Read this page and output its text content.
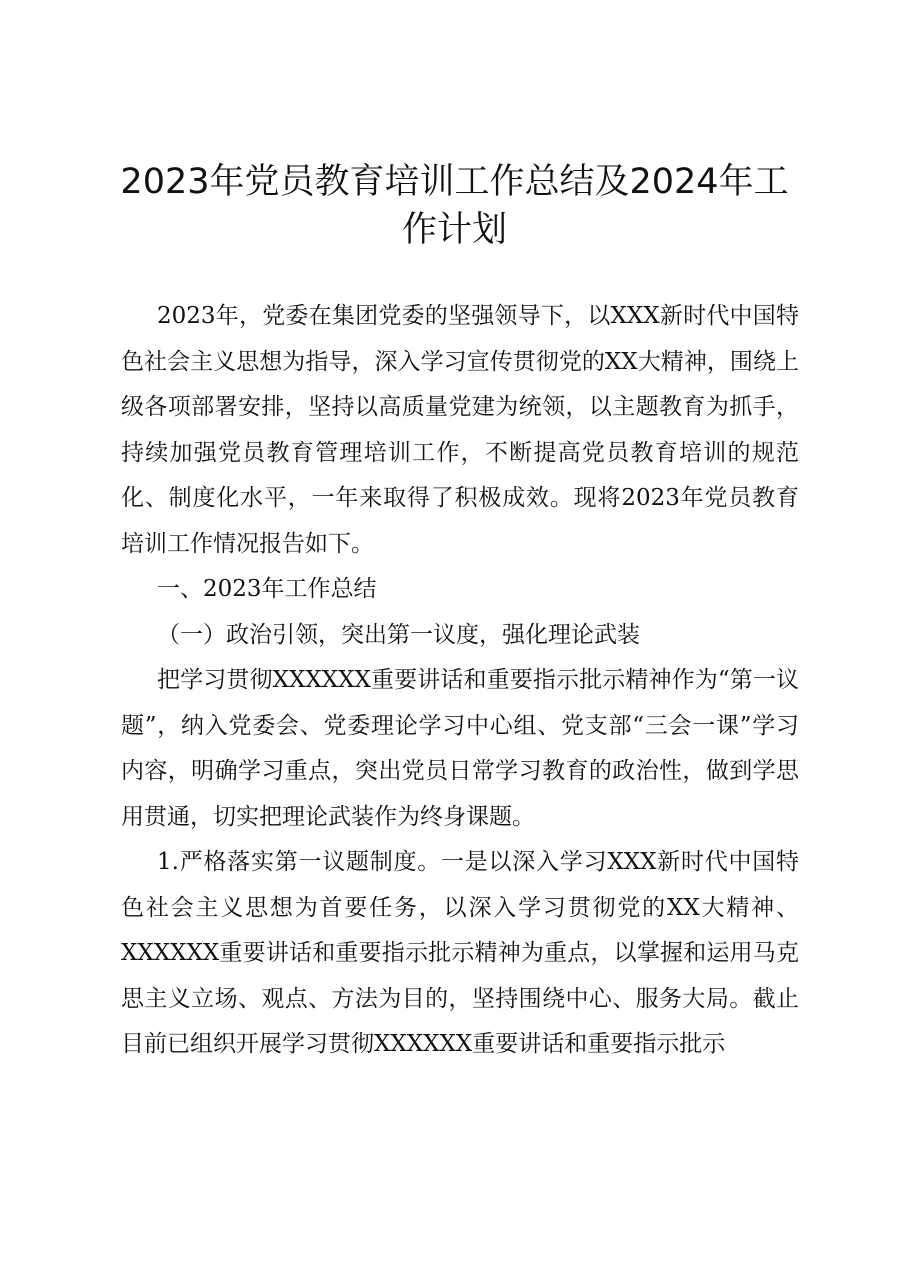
2023年党员教育培训工作总结及2024年工
作计划

2023年，党委在集团党委的坚强领导下，以XXX新时代中国特色社会主义思想为指导，深入学习宣传贯彻党的XX大精神，围绕上级各项部署安排，坚持以高质量党建为统领，以主题教育为抓手，持续加强党员教育管理培训工作，不断提高党员教育培训的规范化、制度化水平，一年来取得了积极成效。现将2023年党员教育培训工作情况报告如下。

一、2023年工作总结

（一）政治引领，突出第一议度，强化理论武装

把学习贯彻XXXXXX重要讲话和重要指示批示精神作为“第一议题”，纳入党委会、党委理论学习中心组、党支部“三会一课”学习内容，明确学习重点，突出党员日常学习教育的政治性，做到学思用贯通，切实把理论武装作为终身课题。

1.严格落实第一议题制度。一是以深入学习XXX新时代中国特色社会主义思想为首要任务，以深入学习贯彻党的XX大精神、XXXXXX重要讲话和重要指示批示精神为重点，以掌握和运用马克思主义立场、观点、方法为目的，坚持围绕中心、服务大局。截止目前已组织开展学习贯彻XXXXXX重要讲话和重要指示批示
